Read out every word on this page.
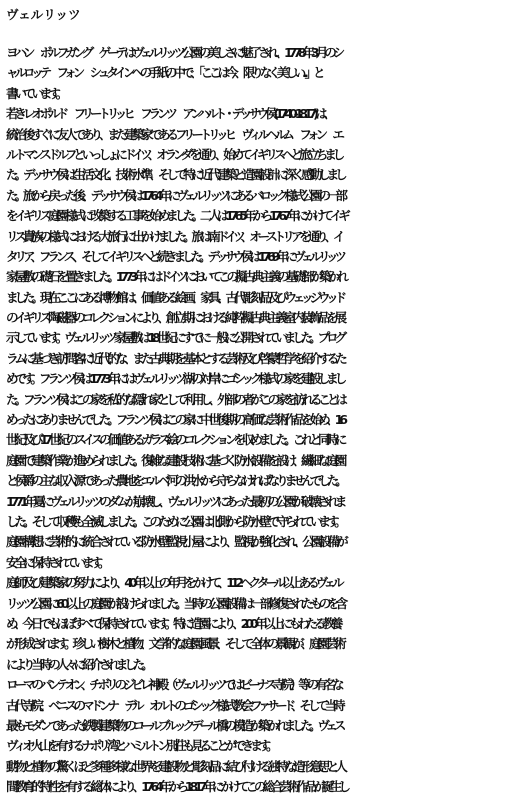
ヴェルリッツ
ヨハン　ボルフガング　ゲーテはヴェルリッツ公園の美しさに魅了され、1778年3 月のシ
ャルロッテ　フォン　シュタインへの手紙の中で、「ここは今、限りなく美しい....」と
書いています。
若きレオポルド　フリートリッヒ　フランツ　アンハルト・デッサウ侯(1740-1817) は、
統治後すぐに友人であり、また建築家であるフリートリッヒ　ヴィルヘルム　フォン　エ
ルトマンスドルフといっしょにドイツ、オランダを通り、始めてイギリスへと旅立ちまし
た。デッサウ侯は生活文化、技術水準、そして特に近代建築と造園設計に深く感動しまし
た。旅から戻った後、デッサウ侯は1764年にヴェルリッツにあるバロック様式公園の一部
をイギリス庭園様式に改築する工事を始めました。二人は1765年から1767年にかけてイギ
リス貴族の様式における大旅行に出かけました。旅は南ドイツ、オーストリアを通り、イ
タリア、フランス、そしてイギリスへと続きました。デッサウ侯は1769年にヴェルリッツ
家屋敷の礎石を置きました。1773年にはドイツにおいてこの擬古典主義の基礎部が築かれ
ました。現在ここにある博物館は、価値ある絵画、家具、古代彫刻品及びウェッジウッド
のイギリス陶磁器のコレクションにより、創立期における純粋擬古典主義室内装飾品を展
示しています。ヴェルリッツ家屋敷は18世紀にすでに一般に公開されていました。プログ
ラムに基づき訪問客に近代的な、また古典期を基本とする芸術及び啓蒙哲学を紹介するた
めです。フランツ侯は1773年にはヴェルリッツ湖の対岸にゴシック様式の家を建設しまし
た。フランツ侯はこの家を私的な隠れ家として利用し、外部の者がこの家を訪れることは
めったにありませんでした。フランツ侯はこの家に中世後期の高価な芸術作品を始め、16
世紀及び17世紀のスイスの価値あるガラス絵のコレクションを収めました。これと同時に
庭園で建築作業が進められました。復雑な建設技術に基づく防水設備を設け、繊細な庭園
と侯爵の主な収入源であった農地をエルベ河の洪水から守らなければなりませんでした。
1771年夏にヴェルリッツのダムが崩壊し、ヴェルリッツにあった最初の公園が破壊されま
した。そして収穫も全滅しました。このために公園は北側から防水壁で守られています。
庭園構想に芸術的に統合されている防水壁監視小屋により、監視が強化され、公園設備が
安全に保持されています。
庭師及び建築家の努力により、40年以上の年月をかけて、112 ヘクタール以上あるヴェル
リッツ公園に60以上の庭園が設けられました。当時の公園設備は一部修復されたものを含
め、今日でもほぼすべて保持されています。特に造園により、200 年以上にもわたる教養
が形成されます。珍しい樹木と植物、文学的な庭園風景、そして全体の景観が、庭園芸術
により当時の人々に紹介されました。
ローマのパンテオン、チボリのジビレ神殿（ヴェルリッツではビーナス寺院）等の有名な
古代寺院、ベニスのマドンナ　デル　オルトのゴシック様式教会ファサード、そして当時
最もモダンであった鉄製建築物のコールブルックデール橋の模造が築かれました。ヴェス
ヴィオ火山を有するナポリ湾とハミルトン別荘も見ることができます。
動物と植物の驚くほど多種多様な世界を建設物と彫刻品に結び付ける独特な造形意思と人
間教育的特性を有する総体により、1764年から1817年にかけてこの総合芸術作品が誕生し
